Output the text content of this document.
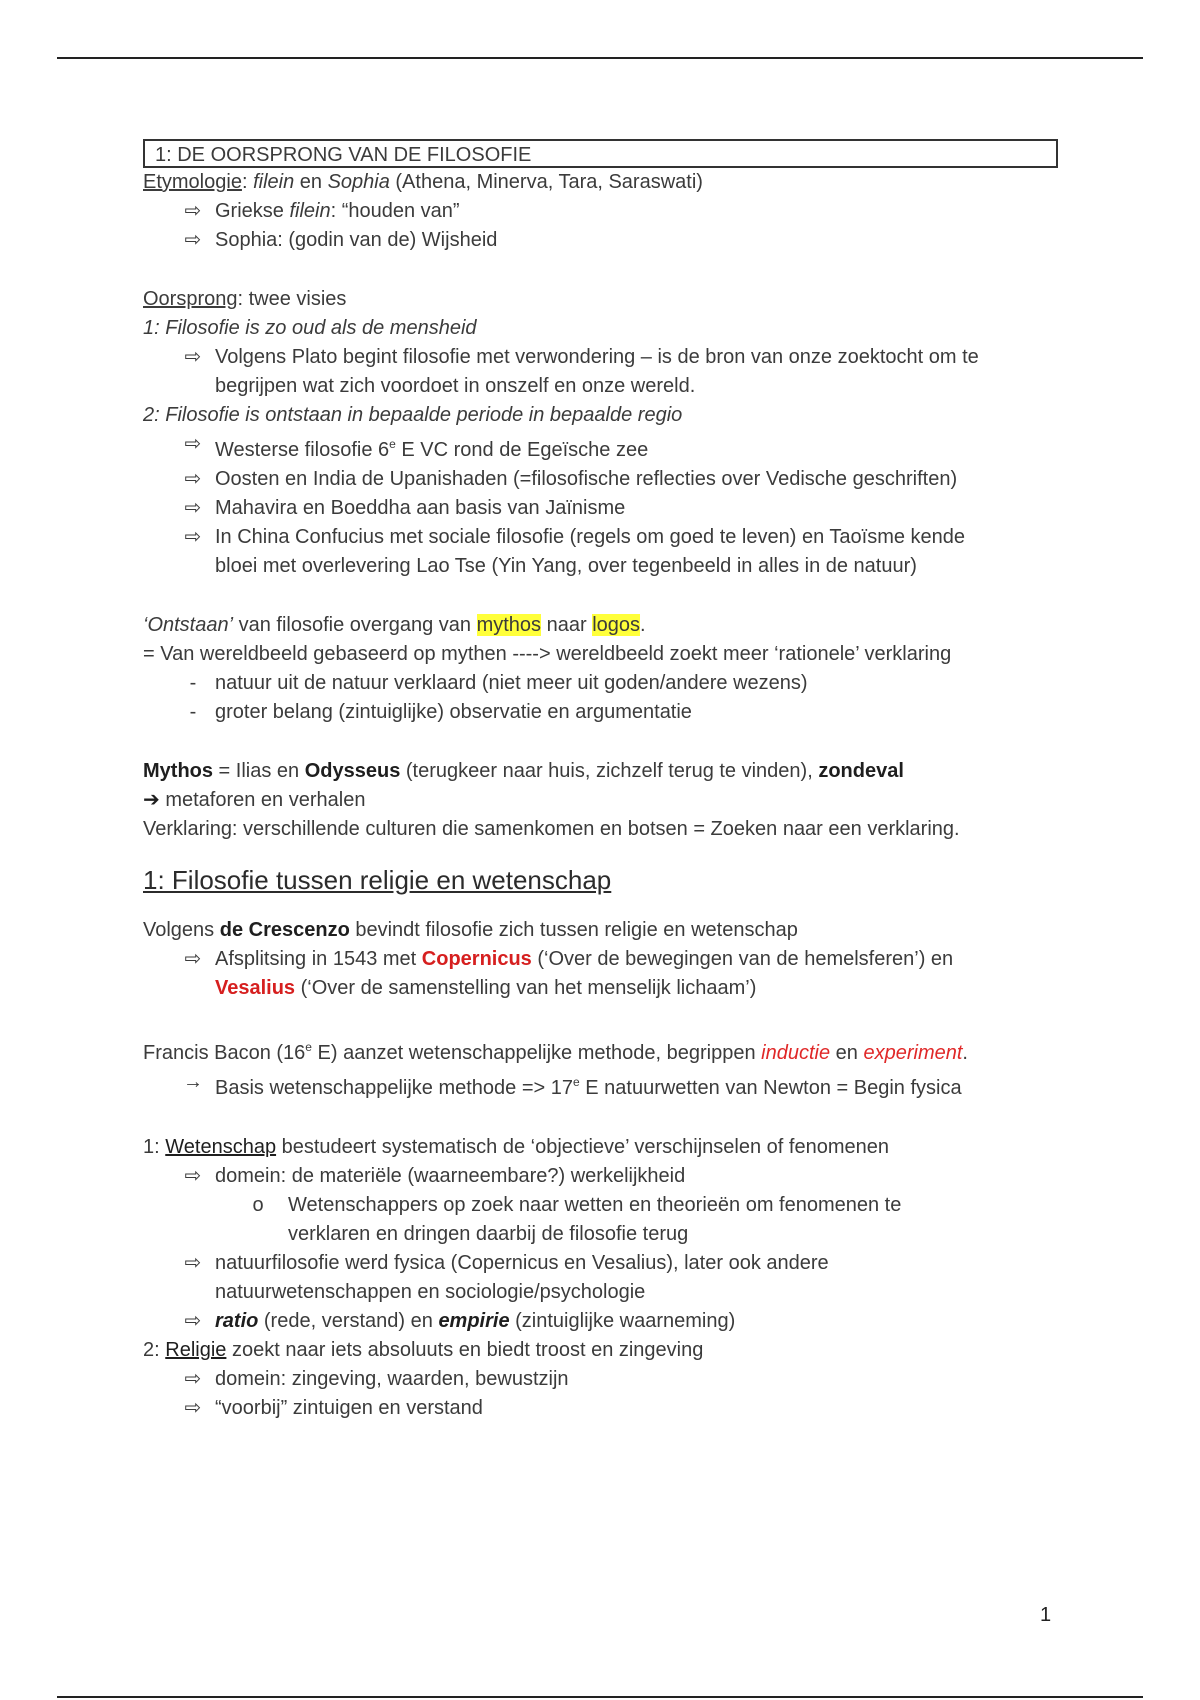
1: DE OORSPRONG VAN DE FILOSOFIE
Etymologie: filein en Sophia (Athena, Minerva, Tara, Saraswati)
⇨ Griekse filein: “houden van”
⇨ Sophia: (godin van de) Wijsheid
Oorsprong: twee visies
1: Filosofie is zo oud als de mensheid
⇨ Volgens Plato begint filosofie met verwondering – is de bron van onze zoektocht om te
begrijpen wat zich voordoet in onszelf en onze wereld.
2: Filosofie is ontstaan in bepaalde periode in bepaalde regio
⇨ Westerse filosofie 6e E VC rond de Egeïsche zee
⇨ Oosten en India de Upanishaden (=filosofische reflecties over Vedische geschriften)
⇨ Mahavira en Boeddha aan basis van Jaïnisme
⇨ In China Confucius met sociale filosofie (regels om goed te leven) en Taoïsme kende
bloei met overlevering Lao Tse (Yin Yang, over tegenbeeld in alles in de natuur)
‘Ontstaan’ van filosofie overgang van mythos naar logos.
= Van wereldbeeld gebaseerd op mythen ----> wereldbeeld zoekt meer ‘rationele’ verklaring
- natuur uit de natuur verklaard (niet meer uit goden/andere wezens)
- groter belang (zintuiglijke) observatie en argumentatie
Mythos = Ilias en Odysseus (terugkeer naar huis, zichzelf terug te vinden), zondeval
➔ metaforen en verhalen
Verklaring: verschillende culturen die samenkomen en botsen = Zoeken naar een verklaring.
1: Filosofie tussen religie en wetenschap
Volgens de Crescenzo bevindt filosofie zich tussen religie en wetenschap
⇨ Afsplitsing in 1543 met Copernicus (‘Over de bewegingen van de hemelsferen’) en
Vesalius (‘Over de samenstelling van het menselijk lichaam’)
Francis Bacon (16e E) aanzet wetenschappelijke methode, begrippen inductie en experiment.
→ Basis wetenschappelijke methode => $17^e$ E natuurwetten van Newton = Begin fysica
1: Wetenschap bestudeert systematisch de ‘objectieve’ verschijnselen of fenomenen
⇨ domein: de materiële (waarneembare?) werkelijkheid
o Wetenschappers op zoek naar wetten en theorieën om fenomenen te
verklaren en dringen daarbij de filosofie terug
⇨ natuurfilosofie werd fysica (Copernicus en Vesalius), later ook andere
natuurwetenschappen en sociologie/psychologie
⇨ ratio (rede, verstand) en empirie (zintuiglijke waarneming)
2: Religie zoekt naar iets absoluuts en biedt troost en zingeving
⇨ domein: zingeving, waarden, bewustzijn
⇨ “voorbij” zintuigen en verstand
1
